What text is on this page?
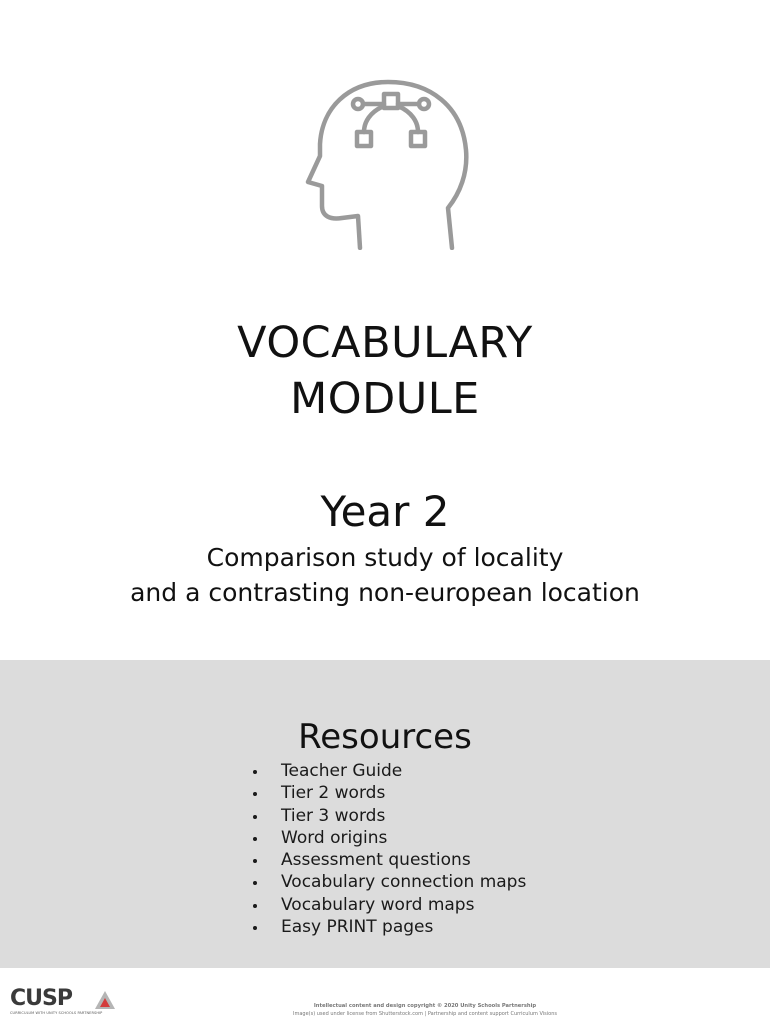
VOCABULARY
MODULE
Year 2
Comparison study of locality
and a contrasting non-european location
Resources
Teacher Guide
Tier 2 words
Tier 3 words
Word origins
Assessment questions
Vocabulary connection maps
Vocabulary word maps
Easy PRINT pages
CUSP
CURRICULUM WITH UNITY SCHOOLS PARTNERSHIP
Intellectual content and design copyright © 2020 Unity Schools Partnership
Image(s) used under license from Shutterstock.com | Partnership and content support Curriculum Visions
